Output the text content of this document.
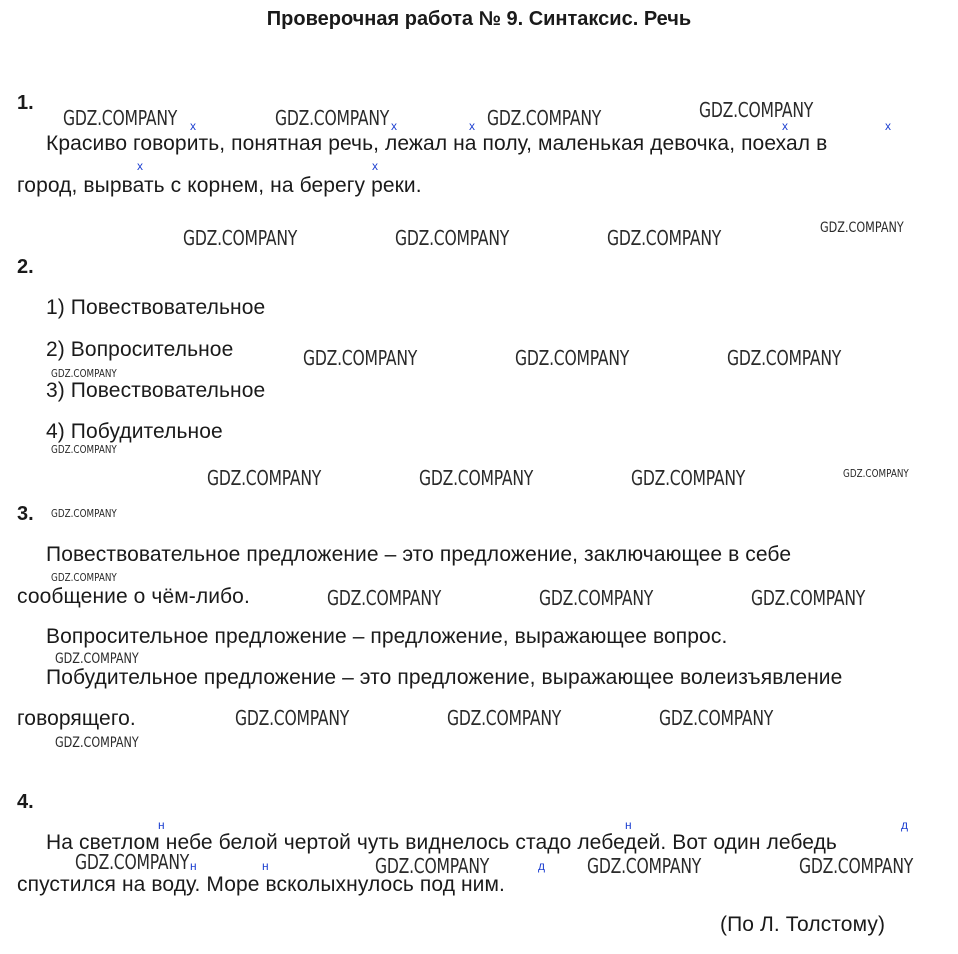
Проверочная работа № 9. Синтаксис. Речь
1.
Красиво говорить, понятная речь, лежал на полу, маленькая девочка, поехал в
город, вырвать с корнем, на берегу реки.
x	x	x	x	x
x	x
2.
1) Повествовательное
2) Вопросительное
3) Повествовательное
4) Побудительное
3.
Повествовательное предложение – это предложение, заключающее в себе
сообщение о чём-либо.
Вопросительное предложение – предложение, выражающее вопрос.
Побудительное предложение – это предложение, выражающее волеизъявление
говорящего.
4.
На светлом небе белой чертой чуть виднелось стадо лебедей. Вот один лебедь
спустился на воду. Море всколыхнулось под ним.
(По Л. Толстому)
н	н	д
н	н	д
GDZ.COMPANY	GDZ.COMPANY	GDZ.COMPANY	GDZ.COMPANY
GDZ.COMPANY	GDZ.COMPANY	GDZ.COMPANY
GDZ.COMPANY	GDZ.COMPANY	GDZ.COMPANY
GDZ.COMPANY	GDZ.COMPANY	GDZ.COMPANY
GDZ.COMPANY	GDZ.COMPANY	GDZ.COMPANY
GDZ.COMPANY	GDZ.COMPANY	GDZ.COMPANY
GDZ.COMPANY	GDZ.COMPANY	GDZ.COMPANY	GDZ.COMPANY
GDZ.COMPANY
GDZ.COMPANY
GDZ.COMPANY
GDZ.COMPANY
GDZ.COMPANY
GDZ.COMPANY
GDZ.COMPANY
GDZ.COMPANY
